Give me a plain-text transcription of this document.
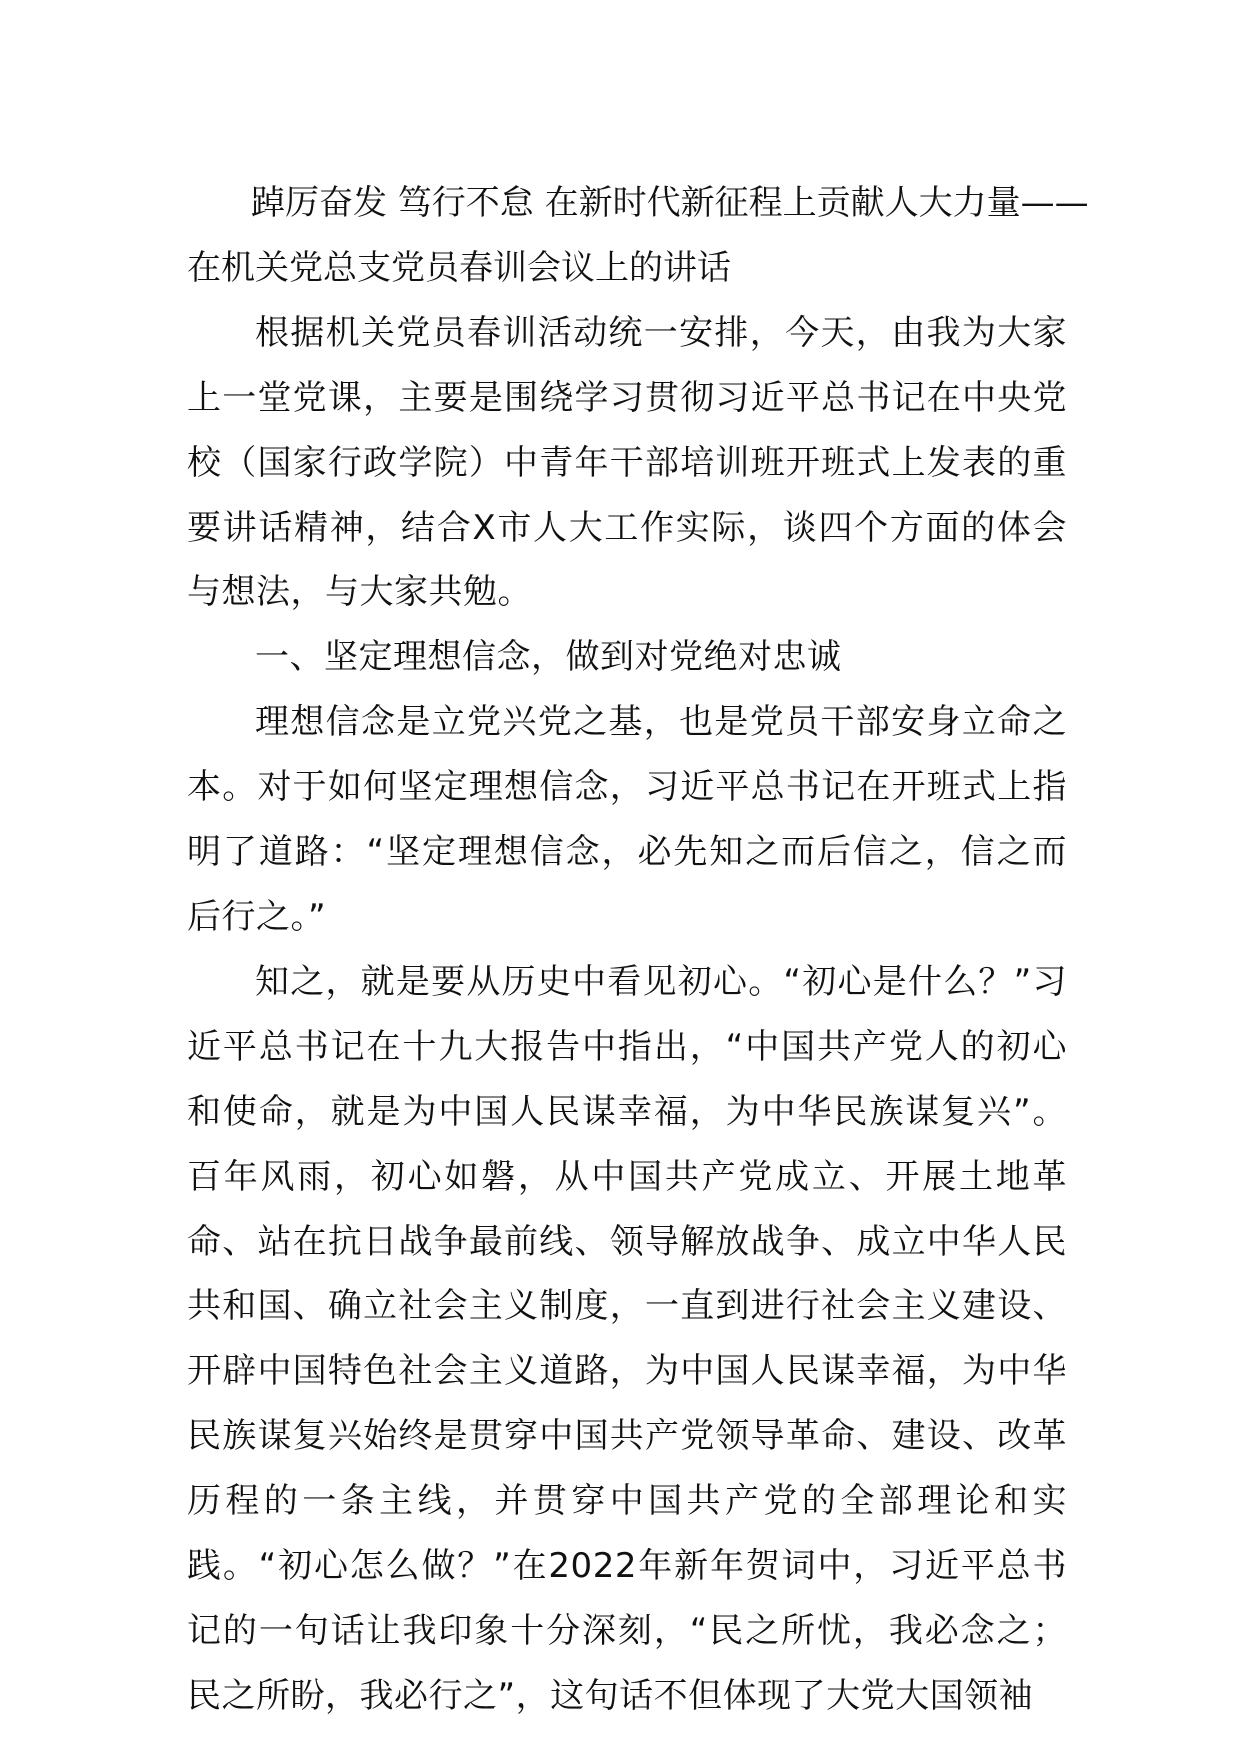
踔厉奋发 笃行不怠 在新时代新征程上贡献人大力量——
在机关党总支党员春训会议上的讲话

根据机关党员春训活动统一安排，今天，由我为大家上一堂党课，主要是围绕学习贯彻习近平总书记在中央党校（国家行政学院）中青年干部培训班开班式上发表的重要讲话精神，结合X市人大工作实际，谈四个方面的体会与想法，与大家共勉。

一、坚定理想信念，做到对党绝对忠诚

理想信念是立党兴党之基，也是党员干部安身立命之本。对于如何坚定理想信念，习近平总书记在开班式上指明了道路：“坚定理想信念，必先知之而后信之，信之而后行之。”

知之，就是要从历史中看见初心。“初心是什么？”习近平总书记在十九大报告中指出，“中国共产党人的初心和使命，就是为中国人民谋幸福，为中华民族谋复兴”。百年风雨，初心如磐，从中国共产党成立、开展土地革命、站在抗日战争最前线、领导解放战争、成立中华人民共和国、确立社会主义制度，一直到进行社会主义建设、开辟中国特色社会主义道路，为中国人民谋幸福，为中华民族谋复兴始终是贯穿中国共产党领导革命、建设、改革历程的一条主线，并贯穿中国共产党的全部理论和实践。“初心怎么做？”在2022年新年贺词中，习近平总书记的一句话让我印象十分深刻，“民之所忧，我必念之；民之所盼，我必行之”，这句话不但体现了大党大国领袖
